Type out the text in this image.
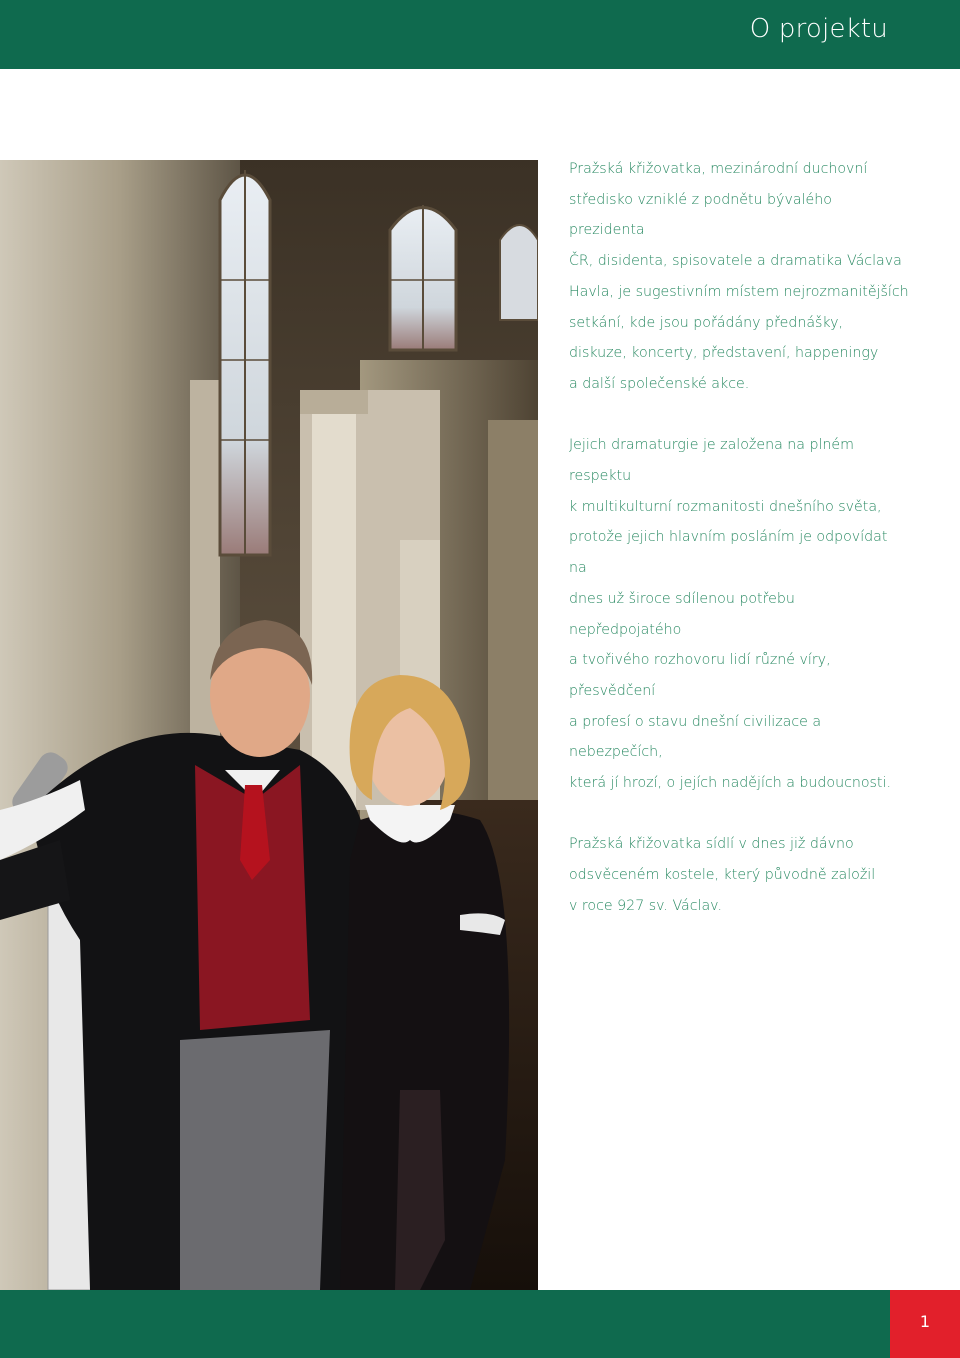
O projektu

Pražská křižovatka, mezinárodní duchovní
středisko vzniklé z podnětu bývalého prezidenta
ČR, disidenta, spisovatele a dramatika Václava
Havla, je sugestivním místem nejrozmanitějších
setkání, kde jsou pořádány přednášky,
diskuze, koncerty, představení, happeningy
a další společenské akce.

Jejich dramaturgie je založena na plném respektu
k multikulturní rozmanitosti dnešního světa,
protože jejich hlavním posláním je odpovídat na
dnes už široce sdílenou potřebu nepředpojatého
a tvořivého rozhovoru lidí různé víry, přesvědčení
a profesí o stavu dnešní civilizace a nebezpečích,
která jí hrozí, o jejích nadějích a budoucnosti.

Pražská křižovatka sídlí v dnes již dávno
odsvěceném kostele, který původně založil
v roce 927 sv. Václav.

1
